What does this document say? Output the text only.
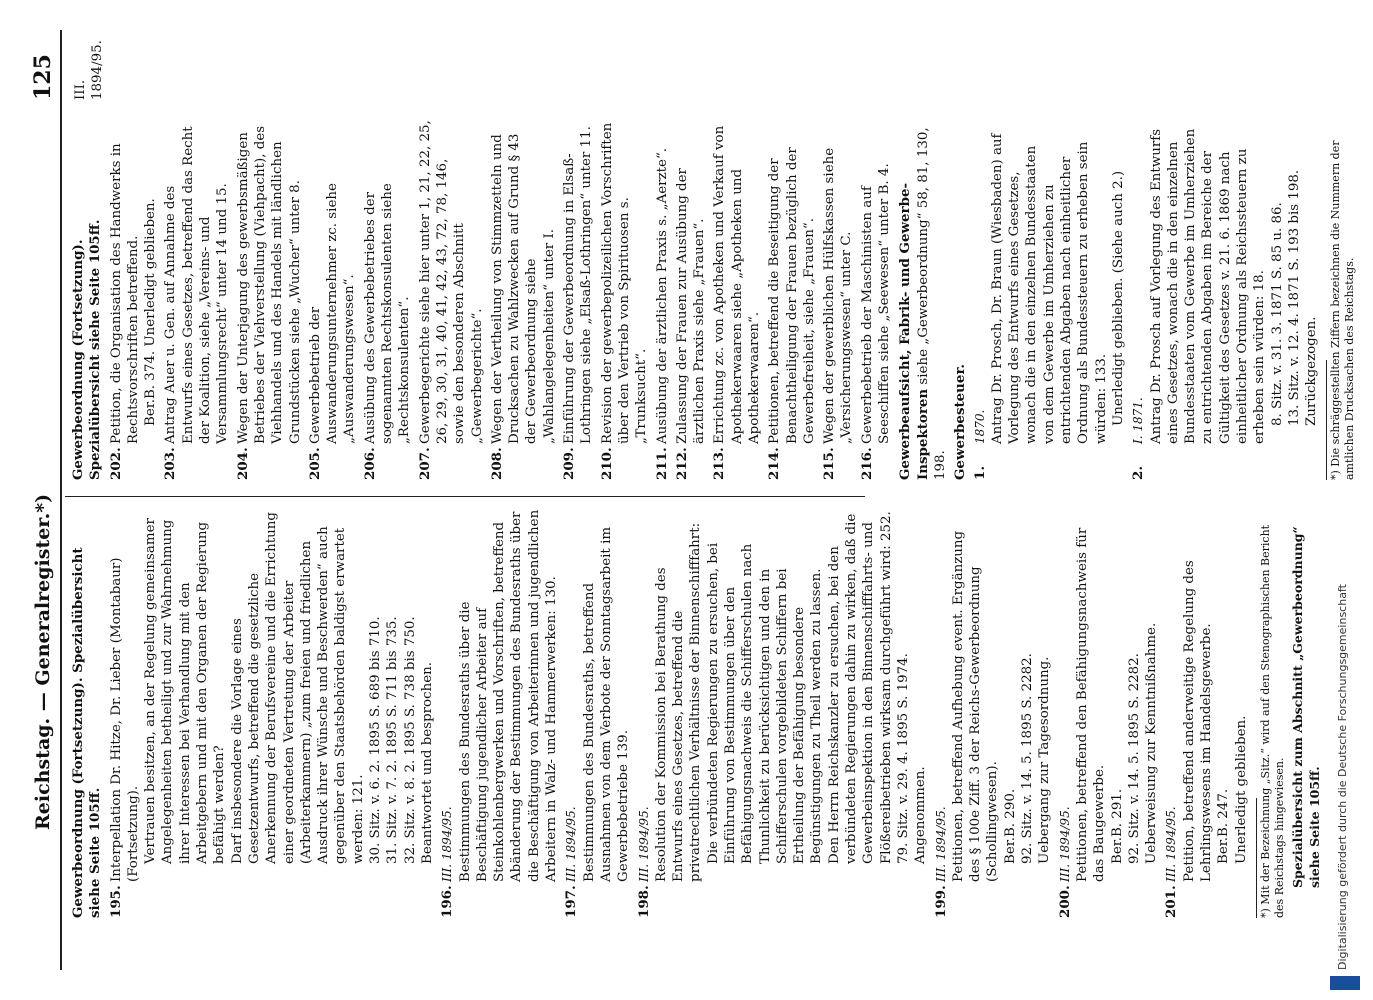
Reichstag. — Generalregister.*)
125

Gewerbeordnung (Fortsetzung). Spezialübersicht siehe Seite 105ff. 195.

Interpellation Dr. Hitze, Dr. Lieber (Montabaur) (Fortsetzung). Vertrauen besitzen, an der Regelung gemeinsamer Angelegenheiten betheiligt und zur Wahrnehmung ihrer Interessen bei Verhandlung mit den Arbeitgebern und mit den Organen der Regierung befähigt werden? Darf insbesondere die Vorlage eines Gesetzentwurfs, betreffend die gesetzliche Anerkennung der Berufsvereine und die Errichtung einer geordneten Vertretung der Arbeiter (Arbeiterkammern) „zum freien und friedlichen Ausdruck ihrer Wünsche und Beschwerden“ auch gegenüber den Staatsbehörden baldigst erwartet werden: 121. 30. Sitz. v. 6. 2. 1895 S. 689 bis 710. 31. Sitz. v. 7. 2. 1895 S. 711 bis 735. 32. Sitz. v. 8. 2. 1895 S. 738 bis 750. Beantwortet und besprochen.

196.

III. 1894/95. Bestimmungen des Bundesraths über die Beschäftigung jugendlicher Arbeiter auf Steinkohlenbergwerken und Vorschriften, betreffend Abänderung der Bestimmungen des Bundesraths über die Beschäftigung von Arbeiterinnen und jugendlichen Arbeitern in Walz- und Hammerwerken: 130.

197.

III. 1894/95. Bestimmungen des Bundesraths, betreffend Ausnahmen von dem Verbote der Sonntagsarbeit im Gewerbebetriebe 139.

198.

III. 1894/95. Resolution der Kommission bei Berathung des Entwurfs eines Gesetzes, betreffend die privatrechtlichen Verhältnisse der Binnenschifffahrt: Die verbündeten Regierungen zu ersuchen, bei Einführung von Bestimmungen über den Befähigungsnachweis die Schifferschulen nach Thunlichkeit zu berücksichtigen und den in Schifferschulen vorgebildeten Schiffern bei Ertheilung der Befähigung besondere Begünstigungen zu Theil werden zu lassen. Den Herrn Reichskanzler zu ersuchen, bei den verbündeten Regierungen dahin zu wirken, daß die Gewerbeinspektion in den Binnenschifffahrts- und Flößereibetrieben wirksam durchgeführt wird: 252. 79. Sitz. v. 29. 4. 1895 S. 1974. Angenommen.

199.

III. 1894/95. Petitionen, betreffend Aufhebung event. Ergänzung des § 100e Ziff. 3 der Reichs-Gewerbeordnung (Schollingwesen). Ber.B. 290. 92. Sitz. v. 14. 5. 1895 S. 2282. Uebergang zur Tagesordnung.

200.

III. 1894/95. Petitionen, betreffend den Befähigungsnachweis für das Baugewerbe. Ber.B. 291. 92. Sitz. v. 14. 5. 1895 S. 2282. Ueberweisung zur Kenntnißnahme.

201.

III. 1894/95. Petition, betreffend anderweitige Regelung des Lehrlingswesens im Handelsgewerbe. Ber.B. 247. Unerledigt geblieben. *) Mit der Bezeichnung „Sitz.“ wird auf den Stenographischen Bericht des Reichstags hingewiesen. Spezialübersicht zum Abschnitt „Gewerbeordnung“ siehe Seite 105ff.

Gewerbeordnung (Fortsetzung). Spezialübersicht siehe Seite 105ff. 202.

Petition, die Organisation des Handwerks in Rechtsvorschriften betreffend. Ber.B. 374. Unerledigt geblieben.

203.

Antrag Auer u. Gen. auf Annahme des Entwurfs eines Gesetzes, betreffend das Recht der Koalition, siehe „Vereins- und Versammlungsrecht“ unter 14 und 15.

204.

Wegen der Unterjagung des gewerbsmäßigen Betriebes der Viehverstellung (Viehpacht), des Viehhandels und des Handels mit ländlichen Grundstücken siehe „Wucher“ unter 8.

205.

Gewerbebetrieb der Auswanderungsunternehmer zc. siehe „Auswanderungswesen“.

206.

Ausübung des Gewerbebetriebes der sogenannten Rechtskonsulenten siehe „Rechtskonsulenten“.

207.

Gewerbegerichte siehe hier unter 1, 21, 22, 25, 26, 29, 30, 31, 40, 41, 42, 43, 72, 78, 146, sowie den besonderen Abschnitt „Gewerbegerichte“.

208.

Wegen der Vertheilung von Stimmzetteln und Drucksachen zu Wahlzwecken auf Grund § 43 der Gewerbeordnung siehe „Wahlangelegenheiten“ unter I.

209.

Einführung der Gewerbeordnung in Elsaß-Lothringen siehe „Elsaß-Lothringen“ unter 11.

210.

Revision der gewerbepolizeilichen Vorschriften über den Vertrieb von Spirituosen s. „Trunksucht“.

211.

Ausübung der ärztlichen Praxis s. „Aerzte“.

212.

Zulassung der Frauen zur Ausübung der ärztlichen Praxis siehe „Frauen“.

213.

Errichtung zc. von Apotheken und Verkauf von Apothekerwaaren siehe „Apotheken und Apothekerwaaren“.

214.

Petitionen, betreffend die Beseitigung der Benachtheiligung der Frauen bezüglich der Gewerbefreiheit, siehe „Frauen“.

215.

Wegen der gewerblichen Hülfskassen siehe „Versicherungswesen“ unter C.

216.

Gewerbebetrieb der Maschinisten auf Seeschiffen siehe „Seewesen“ unter B. 4. Gewerbeaufsicht, Fabrik- und Gewerbe-Inspektoren siehe „Gewerbeordnung“ 58, 81, 130, 198. Gewerbesteuer. 1.

1870. Antrag Dr. Prosch, Dr. Braun (Wiesbaden) auf Vorlegung des Entwurfs eines Gesetzes, wonach die in den einzelnen Bundesstaaten von dem Gewerbe im Umherziehen zu entrichtenden Abgaben nach einheitlicher Ordnung als Bundessteuern zu erheben sein würden: 133. Unerledigt geblieben. (Siehe auch 2.)

2.

I. 1871. Antrag Dr. Prosch auf Vorlegung des Entwurfs eines Gesetzes, wonach die in den einzelnen Bundesstaaten vom Gewerbe im Umherziehen zu entrichtenden Abgaben im Bereiche der Gültigkeit des Gesetzes v. 21. 6. 1869 nach einheitlicher Ordnung als Reichssteuern zu erheben sein würden: 18. 8. Sitz. v. 31. 3. 1871 S. 85 u. 86. 13. Sitz. v. 12. 4. 1871 S. 193 bis 198. Zurückgezogen. *) Die schräggestellten Ziffern bezeichnen die Nummern der amtlichen Drucksachen des Reichstags.

III. 1894/95.
Digitalisierung gefördert durch die Deutsche Forschungsgemeinschaft
